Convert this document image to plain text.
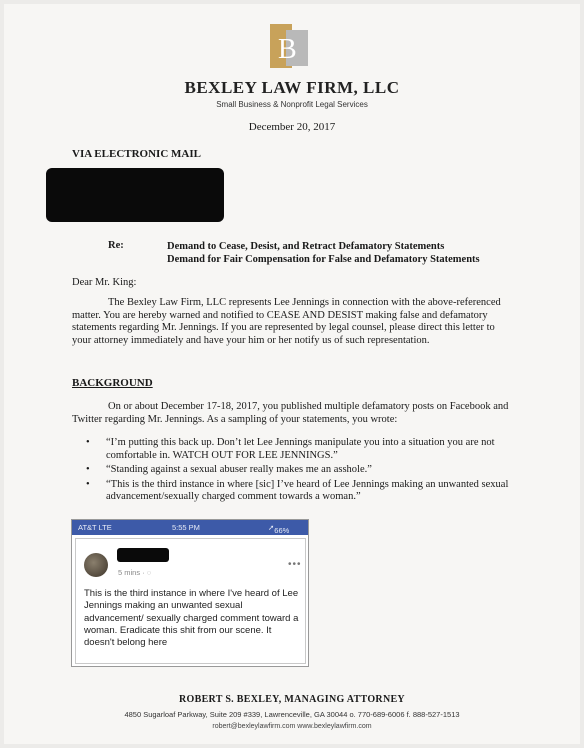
B
BEXLEY LAW FIRM, LLC
Small Business & Nonprofit Legal Services
December 20, 2017
VIA ELECTRONIC MAIL
Re:	Demand to Cease, Desist, and Retract Defamatory Statements
Demand for Fair Compensation for False and Defamatory Statements
Dear Mr. King:
The Bexley Law Firm, LLC represents Lee Jennings in connection with the above-referenced matter. You are hereby warned and notified to CEASE AND DESIST making false and defamatory statements regarding Mr. Jennings. If you are represented by legal counsel, please direct this letter to your attorney immediately and have your him or her notify us of such representation.
BACKGROUND
On or about December 17-18, 2017, you published multiple defamatory posts on Facebook and Twitter regarding Mr. Jennings. As a sampling of your statements, you wrote:
• “I’m putting this back up. Don’t let Lee Jennings manipulate you into a situation you are not comfortable in. WATCH OUT FOR LEE JENNINGS.”
• “Standing against a sexual abuser really makes me an asshole.”
• “This is the third instance in where [sic] I’ve heard of Lee Jennings making an unwanted sexual advancement/sexually charged comment towards a woman.”
AT&T LTE	5:55 PM	➚ 66%
5 mins · ◌
•••
This is the third instance in where I've heard of Lee Jennings making an unwanted sexual advancement/ sexually charged comment toward a woman. Eradicate this shit from our scene. It doesn't belong here
ROBERT S. BEXLEY, MANAGING ATTORNEY
4850 Sugarloaf Parkway, Suite 209 #339, Lawrenceville, GA 30044 o. 770-689-6006 f. 888-527-1513
robert@bexleylawfirm.com www.bexleylawfirm.com
